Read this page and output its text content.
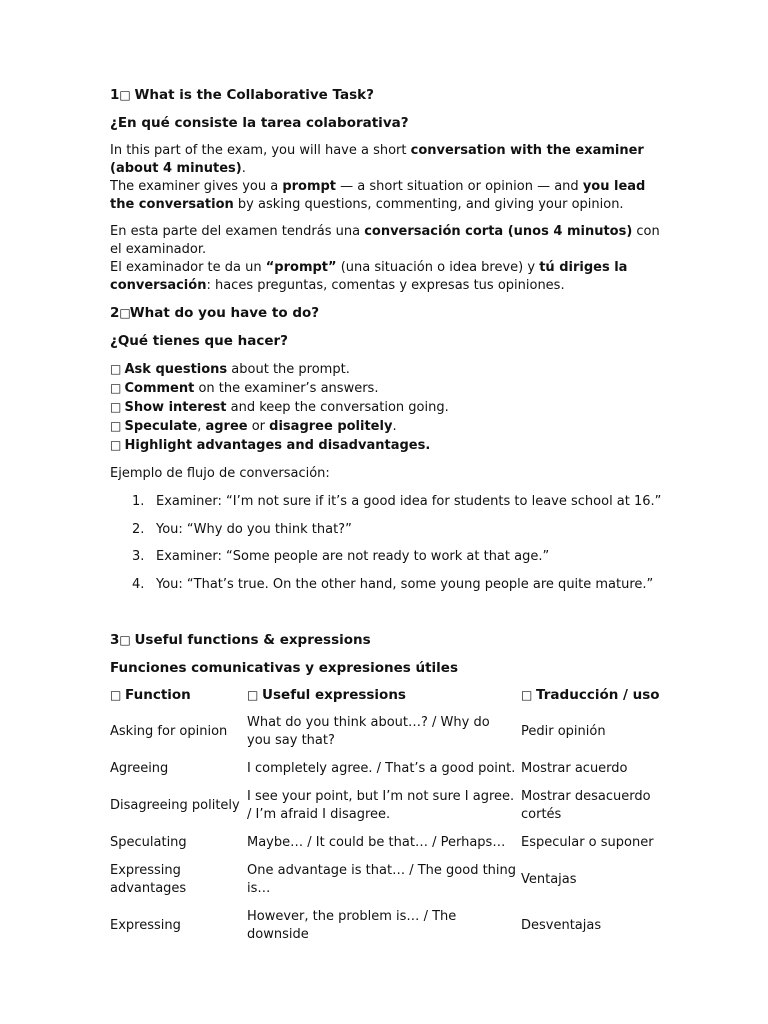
1□ What is the Collaborative Task?

¿En qué consiste la tarea colaborativa?

In this part of the exam, you will have a short conversation with the examiner (about 4 minutes).
The examiner gives you a prompt — a short situation or opinion — and you lead the conversation by asking questions, commenting, and giving your opinion.

En esta parte del examen tendrás una conversación corta (unos 4 minutos) con el examinador.
El examinador te da un “prompt” (una situación o idea breve) y tú diriges la conversación: haces preguntas, comentas y expresas tus opiniones.

2□What do you have to do?

¿Qué tienes que hacer?

□ Ask questions about the prompt.

□ Comment on the examiner’s answers.

□ Show interest and keep the conversation going.

□ Speculate, agree or disagree politely.

□ Highlight advantages and disadvantages.

Ejemplo de flujo de conversación:

1. Examiner: “I’m not sure if it’s a good idea for students to leave school at 16.”
2. You: “Why do you think that?”
3. Examiner: “Some people are not ready to work at that age.”
4. You: “That’s true. On the other hand, some young people are quite mature.”

3□ Useful functions & expressions

Funciones comunicativas y expresiones útiles

□ Function	□ Useful expressions	□ Traducción / uso
Asking for opinion	What do you think about…? / Why do you say that?	Pedir opinión
Agreeing	I completely agree. / That’s a good point.	Mostrar acuerdo
Disagreeing politely	I see your point, but I’m not sure I agree. / I’m afraid I disagree.	Mostrar desacuerdo cortés
Speculating	Maybe… / It could be that… / Perhaps…	Especular o suponer
Expressing advantages	One advantage is that… / The good thing is…	Ventajas
Expressing	However, the problem is… / The downside	Desventajas
